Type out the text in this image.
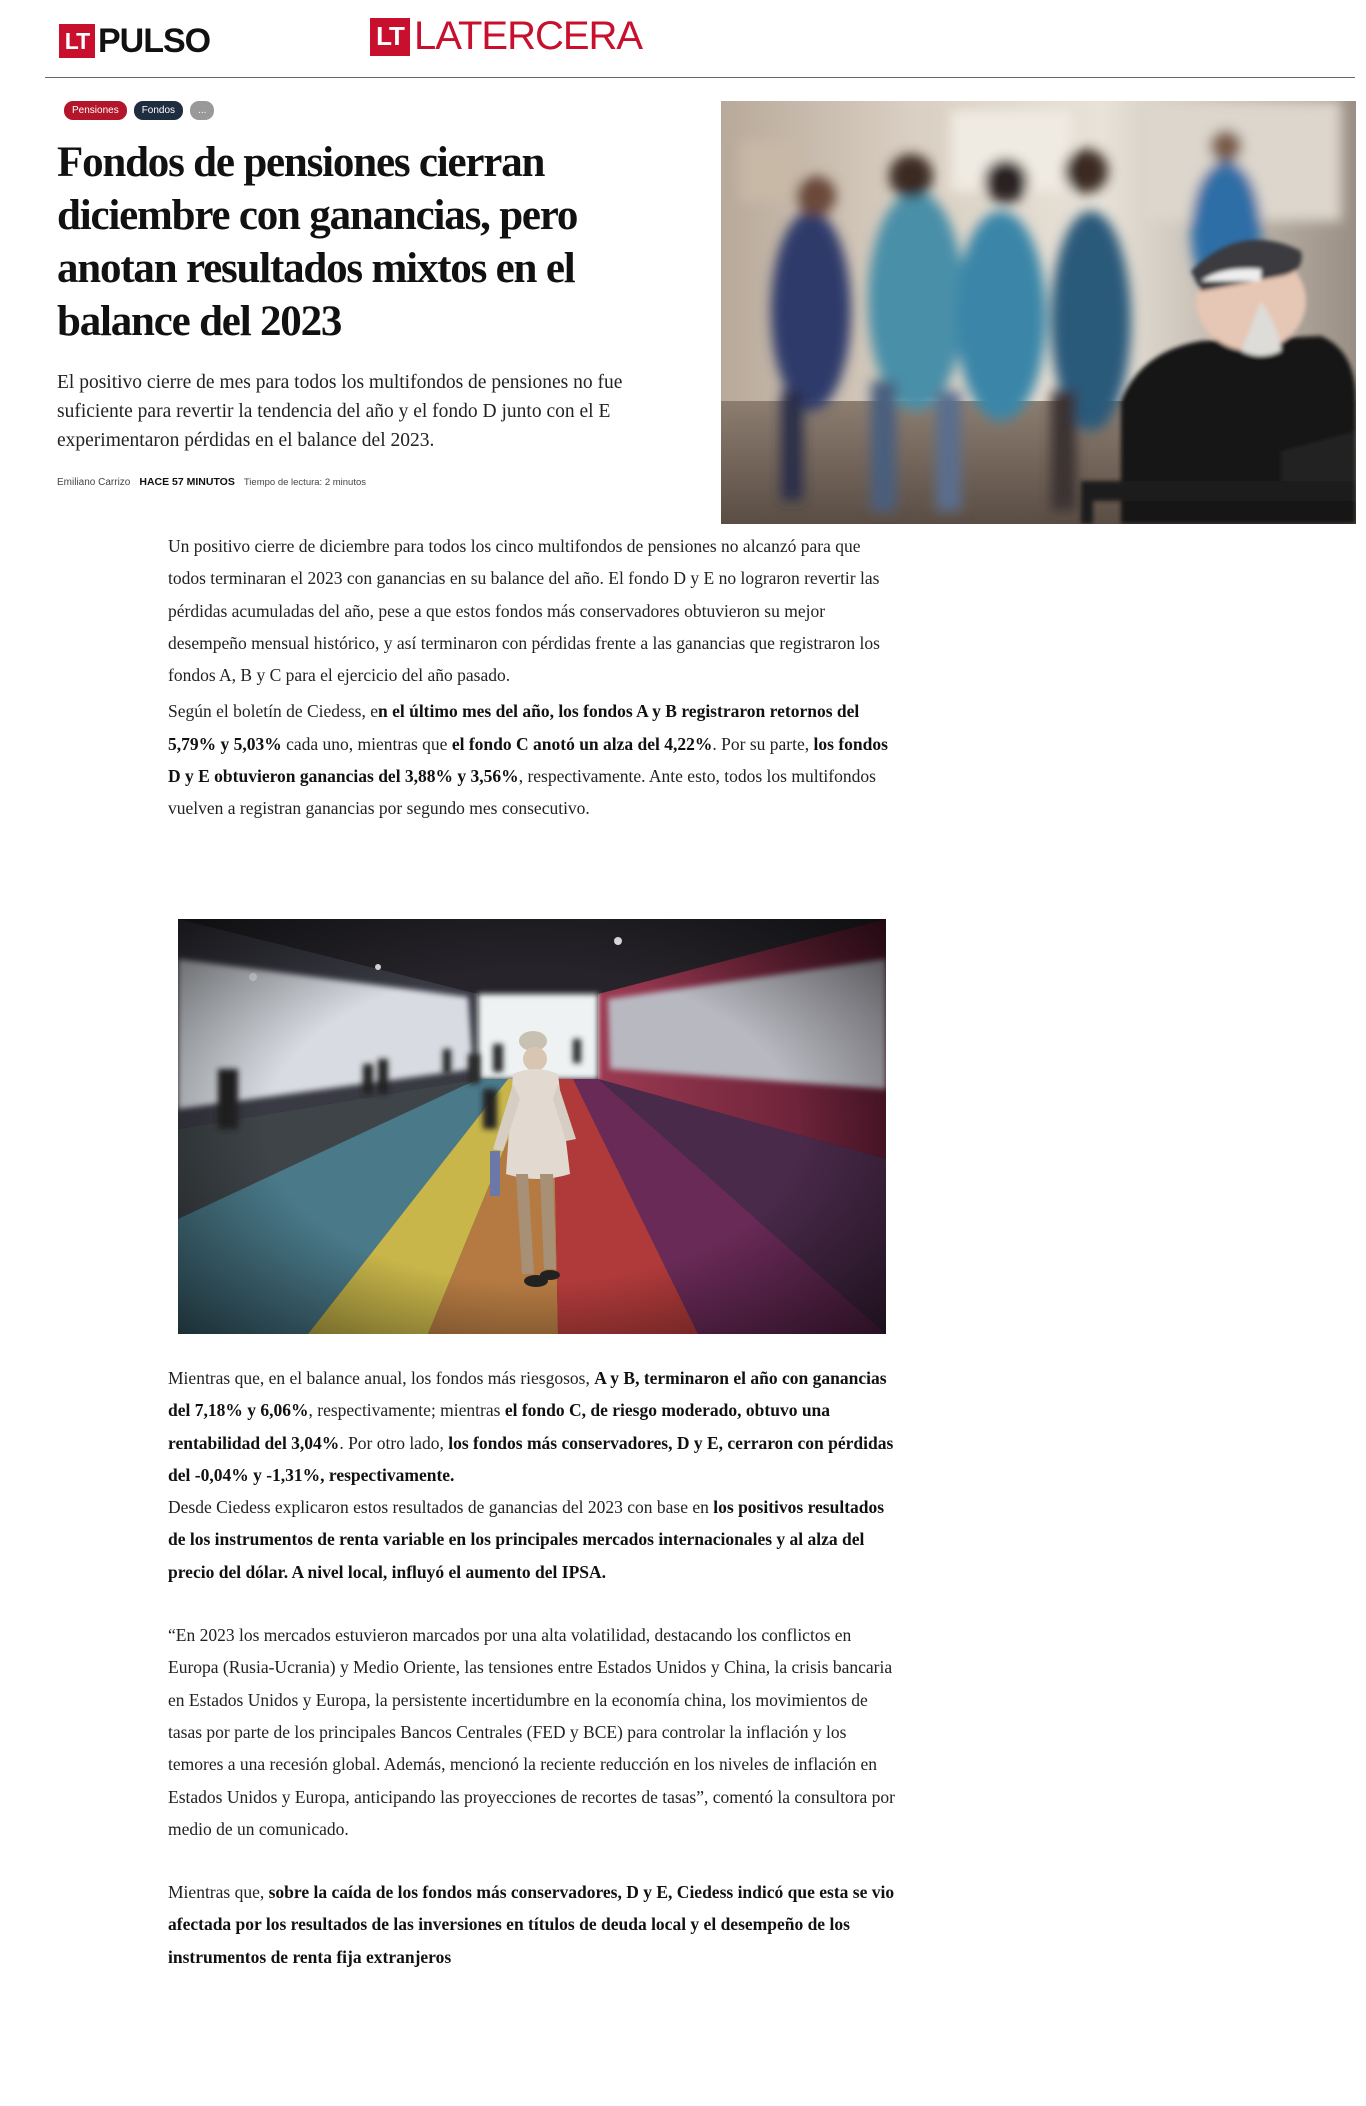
LT PULSO	LT LATERCERA
Pensiones	Fondos	...
Fondos de pensiones cierran diciembre con ganancias, pero anotan resultados mixtos en el balance del 2023

El positivo cierre de mes para todos los multifondos de pensiones no fue suficiente para revertir la tendencia del año y el fondo D junto con el E experimentaron pérdidas en el balance del 2023.

Emiliano Carrizo HACE 57 MINUTOS Tiempo de lectura: 2 minutos

Un positivo cierre de diciembre para todos los cinco multifondos de pensiones no alcanzó para que todos terminaran el 2023 con ganancias en su balance del año. El fondo D y E no lograron revertir las pérdidas acumuladas del año, pese a que estos fondos más conservadores obtuvieron su mejor desempeño mensual histórico, y así terminaron con pérdidas frente a las ganancias que registraron los fondos A, B y C para el ejercicio del año pasado.

Según el boletín de Ciedess, en el último mes del año, los fondos A y B registraron retornos del 5,79% y 5,03% cada uno, mientras que el fondo C anotó un alza del 4,22%. Por su parte, los fondos D y E obtuvieron ganancias del 3,88% y 3,56%, respectivamente. Ante esto, todos los multifondos vuelven a registran ganancias por segundo mes consecutivo.

Mientras que, en el balance anual, los fondos más riesgosos, A y B, terminaron el año con ganancias del 7,18% y 6,06%, respectivamente; mientras el fondo C, de riesgo moderado, obtuvo una rentabilidad del 3,04%. Por otro lado, los fondos más conservadores, D y E, cerraron con pérdidas del -0,04% y -1,31%, respectivamente.

Desde Ciedess explicaron estos resultados de ganancias del 2023 con base en los positivos resultados de los instrumentos de renta variable en los principales mercados internacionales y al alza del precio del dólar. A nivel local, influyó el aumento del IPSA.

“En 2023 los mercados estuvieron marcados por una alta volatilidad, destacando los conflictos en Europa (Rusia-Ucrania) y Medio Oriente, las tensiones entre Estados Unidos y China, la crisis bancaria en Estados Unidos y Europa, la persistente incertidumbre en la economía china, los movimientos de tasas por parte de los principales Bancos Centrales (FED y BCE) para controlar la inflación y los temores a una recesión global. Además, mencionó la reciente reducción en los niveles de inflación en Estados Unidos y Europa, anticipando las proyecciones de recortes de tasas”, comentó la consultora por medio de un comunicado.

Mientras que, sobre la caída de los fondos más conservadores, D y E, Ciedess indicó que esta se vio afectada por los resultados de las inversiones en títulos de deuda local y el desempeño de los instrumentos de renta fija extranjeros
